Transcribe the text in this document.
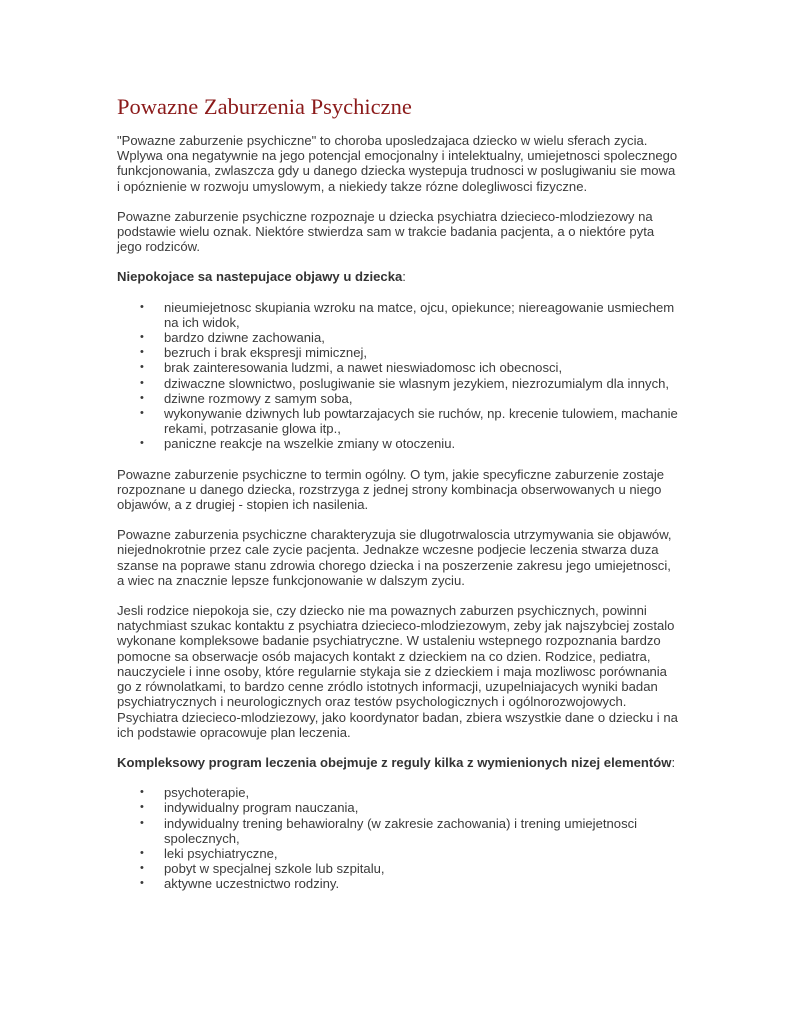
Powazne Zaburzenia Psychiczne

"Powazne zaburzenie psychiczne" to choroba uposledzajaca dziecko w wielu sferach zycia. Wplywa ona negatywnie na jego potencjal emocjonalny i intelektualny, umiejetnosci spolecznego funkcjonowania, zwlaszcza gdy u danego dziecka wystepuja trudnosci w poslugiwaniu sie mowa i opóznienie w rozwoju umyslowym, a niekiedy takze rózne dolegliwosci fizyczne.

Powazne zaburzenie psychiczne rozpoznaje u dziecka psychiatra dziecieco-mlodziezowy na podstawie wielu oznak. Niektóre stwierdza sam w trakcie badania pacjenta, a o niektóre pyta jego rodziców.

Niepokojace sa nastepujace objawy u dziecka:

• nieumiejetnosc skupiania wzroku na matce, ojcu, opiekunce; niereagowanie usmiechem na ich widok,
• bardzo dziwne zachowania,
• bezruch i brak ekspresji mimicznej,
• brak zainteresowania ludzmi, a nawet nieswiadomosc ich obecnosci,
• dziwaczne slownictwo, poslugiwanie sie wlasnym jezykiem, niezrozumialym dla innych,
• dziwne rozmowy z samym soba,
• wykonywanie dziwnych lub powtarzajacych sie ruchów, np. krecenie tulowiem, machanie rekami, potrzasanie glowa itp.,
• paniczne reakcje na wszelkie zmiany w otoczeniu.

Powazne zaburzenie psychiczne to termin ogólny. O tym, jakie specyficzne zaburzenie zostaje rozpoznane u danego dziecka, rozstrzyga z jednej strony kombinacja obserwowanych u niego objawów, a z drugiej - stopien ich nasilenia.

Powazne zaburzenia psychiczne charakteryzuja sie dlugotrwaloscia utrzymywania sie objawów, niejednokrotnie przez cale zycie pacjenta. Jednakze wczesne podjecie leczenia stwarza duza szanse na poprawe stanu zdrowia chorego dziecka i na poszerzenie zakresu jego umiejetnosci, a wiec na znacznie lepsze funkcjonowanie w dalszym zyciu.

Jesli rodzice niepokoja sie, czy dziecko nie ma powaznych zaburzen psychicznych, powinni natychmiast szukac kontaktu z psychiatra dziecieco-mlodziezowym, zeby jak najszybciej zostalo wykonane kompleksowe badanie psychiatryczne. W ustaleniu wstepnego rozpoznania bardzo pomocne sa obserwacje osób majacych kontakt z dzieckiem na co dzien. Rodzice, pediatra, nauczyciele i inne osoby, które regularnie stykaja sie z dzieckiem i maja mozliwosc porównania go z równolatkami, to bardzo cenne zródlo istotnych informacji, uzupelniajacych wyniki badan psychiatrycznych i neurologicznych oraz testów psychologicznych i ogólnorozwojowych. Psychiatra dziecieco-mlodziezowy, jako koordynator badan, zbiera wszystkie dane o dziecku i na ich podstawie opracowuje plan leczenia.

Kompleksowy program leczenia obejmuje z reguly kilka z wymienionych nizej elementów:

• psychoterapie,
• indywidualny program nauczania,
• indywidualny trening behawioralny (w zakresie zachowania) i trening umiejetnosci spolecznych,
• leki psychiatryczne,
• pobyt w specjalnej szkole lub szpitalu,
• aktywne uczestnictwo rodziny.
